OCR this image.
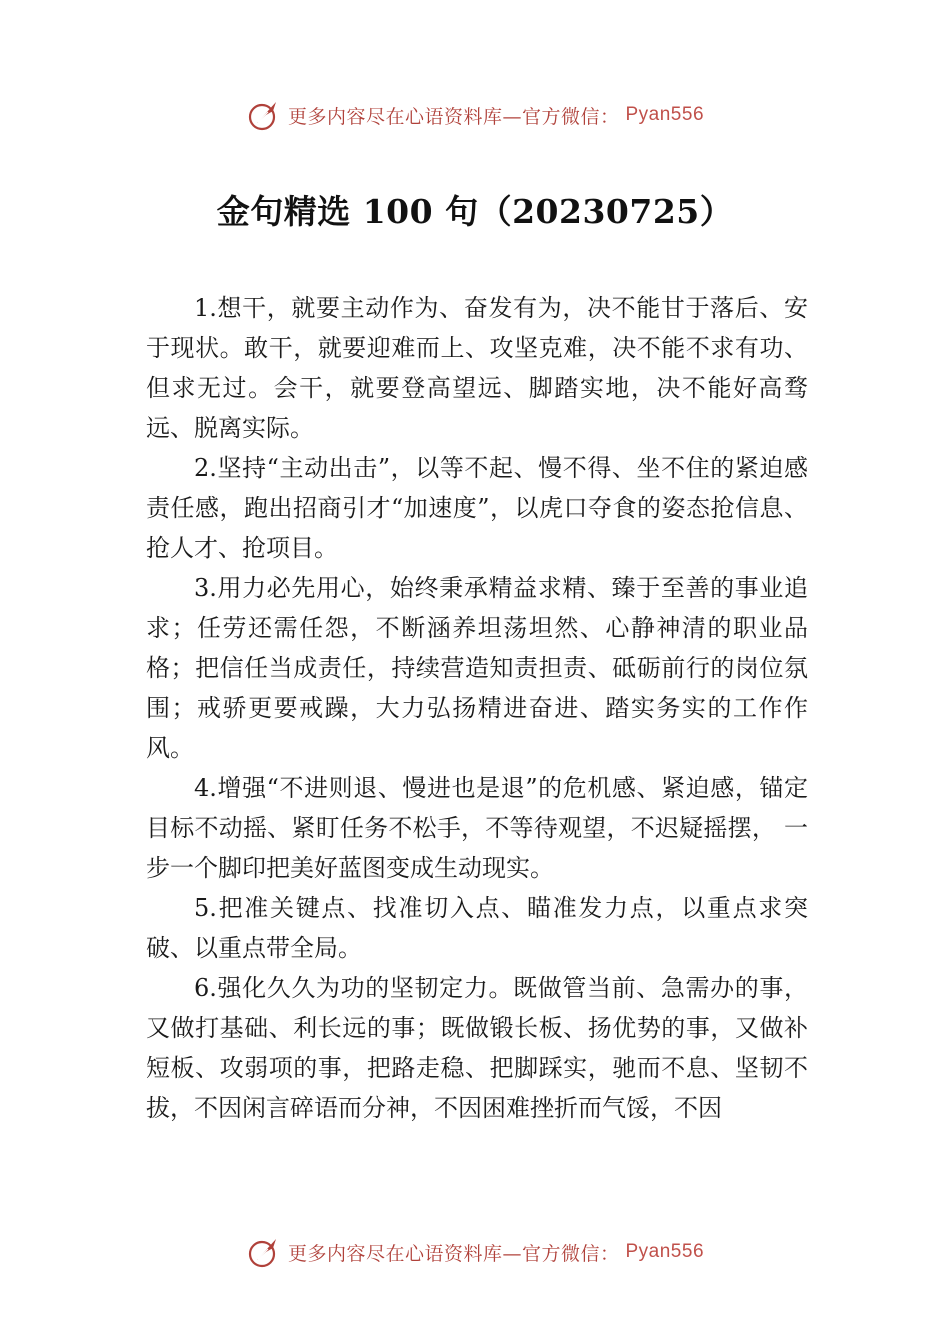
更多内容尽在心语资料库—官方微信： Pyan556
金句精选 100 句（20230725）

1.想干，就要主动作为、奋发有为，决不能甘于落后、安于现状。敢干，就要迎难而上、攻坚克难，决不能不求有功、但求无过。会干，就要登高望远、脚踏实地，决不能好高骛远、脱离实际。

2.坚持“主动出击”，以等不起、慢不得、坐不住的紧迫感责任感，跑出招商引才“加速度”，以虎口夺食的姿态抢信息、抢人才、抢项目。

3.用力必先用心，始终秉承精益求精、臻于至善的事业追求；任劳还需任怨，不断涵养坦荡坦然、心静神清的职业品格；把信任当成责任，持续营造知责担责、砥砺前行的岗位氛围；戒骄更要戒躁，大力弘扬精进奋进、踏实务实的工作作风。

4.增强“不进则退、慢进也是退”的危机感、紧迫感，锚定目标不动摇、紧盯任务不松手，不等待观望，不迟疑摇摆， 一步一个脚印把美好蓝图变成生动现实。

5.把准关键点、找准切入点、瞄准发力点，以重点求突破、以重点带全局。

6.强化久久为功的坚韧定力。既做管当前、急需办的事，又做打基础、利长远的事；既做锻长板、扬优势的事，又做补短板、攻弱项的事，把路走稳、把脚踩实，驰而不息、坚韧不拔，不因闲言碎语而分神，不因困难挫折而气馁，不因

更多内容尽在心语资料库—官方微信： Pyan556
